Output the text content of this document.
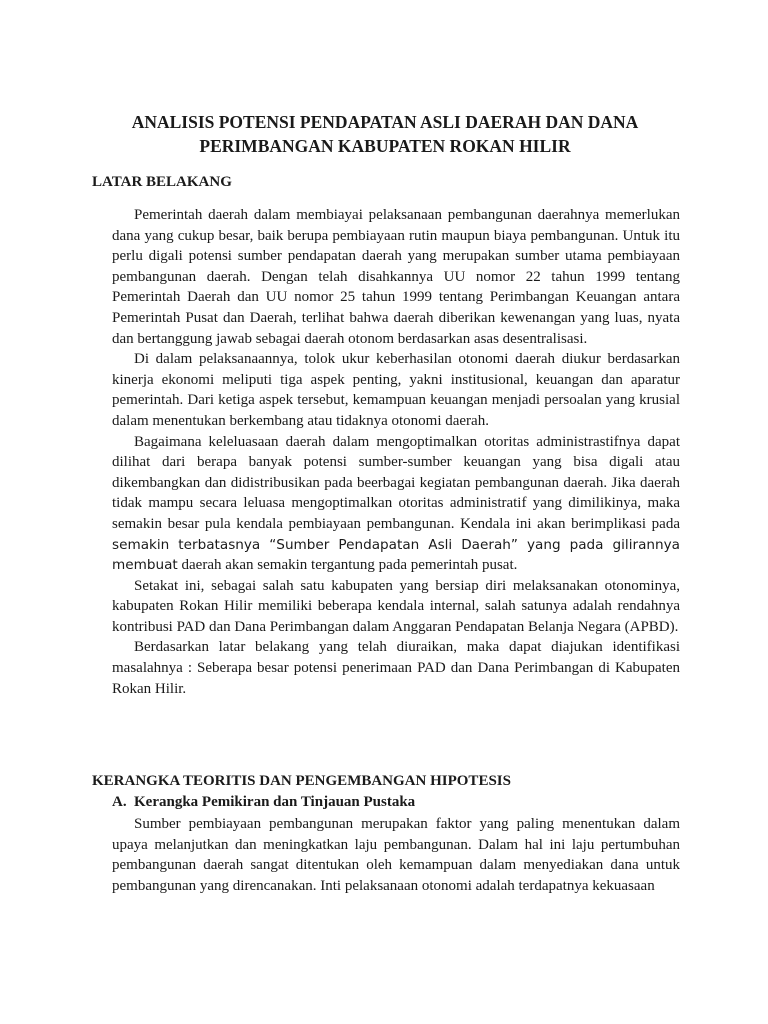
ANALISIS POTENSI PENDAPATAN ASLI DAERAH DAN DANA
PERIMBANGAN KABUPATEN ROKAN HILIR
LATAR BELAKANG

Pemerintah daerah dalam membiayai pelaksanaan pembangunan daerahnya memerlukan dana yang cukup besar, baik berupa pembiayaan rutin maupun biaya pembangunan. Untuk itu perlu digali potensi sumber pendapatan daerah yang merupakan sumber utama pembiayaan pembangunan daerah. Dengan telah disahkannya UU nomor 22 tahun 1999 tentang Pemerintah Daerah dan UU nomor 25 tahun 1999 tentang Perimbangan Keuangan antara Pemerintah Pusat dan Daerah, terlihat bahwa daerah diberikan kewenangan yang luas, nyata dan bertanggung jawab sebagai daerah otonom berdasarkan asas desentralisasi.

Di dalam pelaksanaannya, tolok ukur keberhasilan otonomi daerah diukur berdasarkan kinerja ekonomi meliputi tiga aspek penting, yakni institusional, keuangan dan aparatur pemerintah. Dari ketiga aspek tersebut, kemampuan keuangan menjadi persoalan yang krusial dalam menentukan berkembang atau tidaknya otonomi daerah.

Bagaimana keleluasaan daerah dalam mengoptimalkan otoritas administrastifnya dapat dilihat dari berapa banyak potensi sumber-sumber keuangan yang bisa digali atau dikembangkan dan didistribusikan pada beerbagai kegiatan pembangunan daerah. Jika daerah tidak mampu secara leluasa mengoptimalkan otoritas administratif yang dimilikinya, maka semakin besar pula kendala pembiayaan pembangunan. Kendala ini akan berimplikasi pada semakin terbatasnya “Sumber Pendapatan Asli Daerah” yang pada gilirannya membuat daerah akan semakin tergantung pada pemerintah pusat.

Setakat ini, sebagai salah satu kabupaten yang bersiap diri melaksanakan otonominya, kabupaten Rokan Hilir memiliki beberapa kendala internal, salah satunya adalah rendahnya kontribusi PAD dan Dana Perimbangan dalam Anggaran Pendapatan Belanja Negara (APBD).

Berdasarkan latar belakang yang telah diuraikan, maka dapat diajukan identifikasi masalahnya : Seberapa besar potensi penerimaan PAD dan Dana Perimbangan di Kabupaten Rokan Hilir.

KERANGKA TEORITIS DAN PENGEMBANGAN HIPOTESIS
A. Kerangka Pemikiran dan Tinjauan Pustaka

Sumber pembiayaan pembangunan merupakan faktor yang paling menentukan dalam upaya melanjutkan dan meningkatkan laju pembangunan. Dalam hal ini laju pertumbuhan pembangunan daerah sangat ditentukan oleh kemampuan dalam menyediakan dana untuk pembangunan yang direncanakan. Inti pelaksanaan otonomi adalah terdapatnya kekuasaan
